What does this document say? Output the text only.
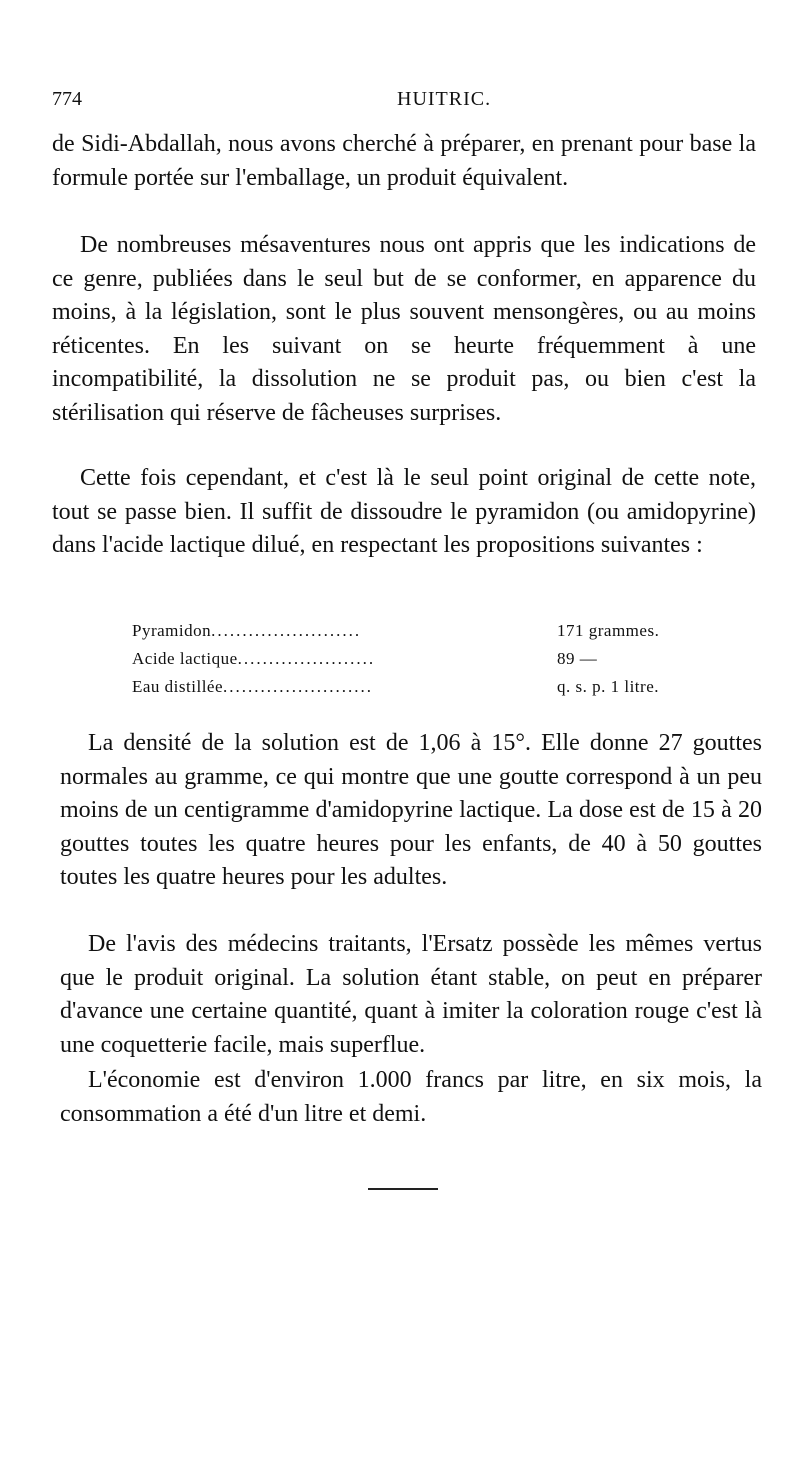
774	HUITRIC.

de Sidi-Abdallah, nous avons cherché à préparer, en prenant pour base la formule portée sur l'emballage, un produit équivalent.

De nombreuses mésaventures nous ont appris que les indications de ce genre, publiées dans le seul but de se conformer, en apparence du moins, à la législation, sont le plus souvent mensongères, ou au moins réticentes. En les suivant on se heurte fréquemment à une incompatibilité, la dissolution ne se produit pas, ou bien c'est la stérilisation qui réserve de fâcheuses surprises.

Cette fois cependant, et c'est là le seul point original de cette note, tout se passe bien. Il suffit de dissoudre le pyramidon (ou amidopyrine) dans l'acide lactique dilué, en respectant les propositions suivantes :

Pyramidon........................	171 grammes.
Acide lactique......................	89 —
Eau distillée........................	q. s. p. 1 litre.

La densité de la solution est de 1,06 à 15°. Elle donne 27 gouttes normales au gramme, ce qui montre que une goutte correspond à un peu moins de un centigramme d'amidopyrine lactique. La dose est de 15 à 20 gouttes toutes les quatre heures pour les enfants, de 40 à 50 gouttes toutes les quatre heures pour les adultes.

De l'avis des médecins traitants, l'Ersatz possède les mêmes vertus que le produit original. La solution étant stable, on peut en préparer d'avance une certaine quantité, quant à imiter la coloration rouge c'est là une coquetterie facile, mais superflue.

L'économie est d'environ 1.000 francs par litre, en six mois, la consommation a été d'un litre et demi.
